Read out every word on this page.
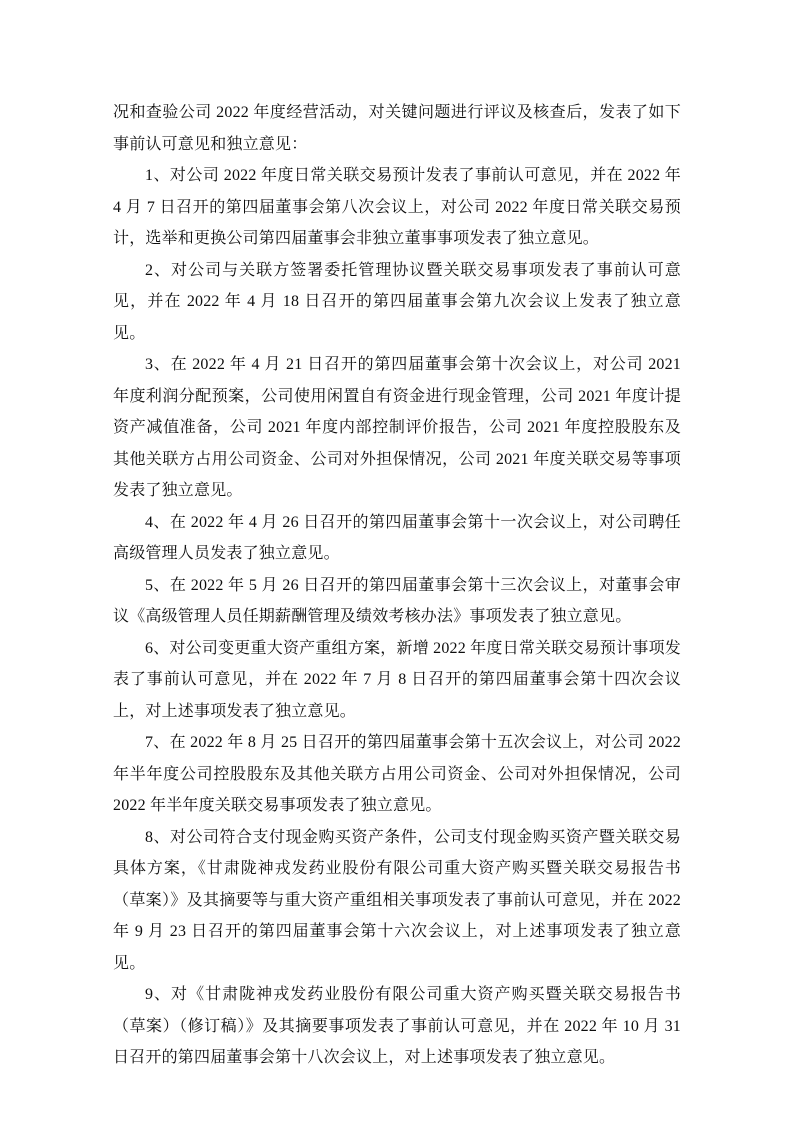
况和查验公司 2022 年度经营活动，对关键问题进行评议及核查后，发表了如下事前认可意见和独立意见：

1、对公司 2022 年度日常关联交易预计发表了事前认可意见，并在 2022 年 4 月 7 日召开的第四届董事会第八次会议上，对公司 2022 年度日常关联交易预计，选举和更换公司第四届董事会非独立董事事项发表了独立意见。

2、对公司与关联方签署委托管理协议暨关联交易事项发表了事前认可意见，并在 2022 年 4 月 18 日召开的第四届董事会第九次会议上发表了独立意见。

3、在 2022 年 4 月 21 日召开的第四届董事会第十次会议上，对公司 2021 年度利润分配预案，公司使用闲置自有资金进行现金管理，公司 2021 年度计提资产减值准备，公司 2021 年度内部控制评价报告，公司 2021 年度控股股东及其他关联方占用公司资金、公司对外担保情况，公司 2021 年度关联交易等事项发表了独立意见。

4、在 2022 年 4 月 26 日召开的第四届董事会第十一次会议上，对公司聘任高级管理人员发表了独立意见。

5、在 2022 年 5 月 26 日召开的第四届董事会第十三次会议上，对董事会审议《高级管理人员任期薪酬管理及绩效考核办法》事项发表了独立意见。

6、对公司变更重大资产重组方案，新增 2022 年度日常关联交易预计事项发表了事前认可意见，并在 2022 年 7 月 8 日召开的第四届董事会第十四次会议上，对上述事项发表了独立意见。

7、在 2022 年 8 月 25 日召开的第四届董事会第十五次会议上，对公司 2022 年半年度公司控股股东及其他关联方占用公司资金、公司对外担保情况，公司 2022 年半年度关联交易事项发表了独立意见。

8、对公司符合支付现金购买资产条件，公司支付现金购买资产暨关联交易具体方案，《甘肃陇神戎发药业股份有限公司重大资产购买暨关联交易报告书（草案）》及其摘要等与重大资产重组相关事项发表了事前认可意见，并在 2022 年 9 月 23 日召开的第四届董事会第十六次会议上，对上述事项发表了独立意见。

9、对《甘肃陇神戎发药业股份有限公司重大资产购买暨关联交易报告书（草案）（修订稿）》及其摘要事项发表了事前认可意见，并在 2022 年 10 月 31 日召开的第四届董事会第十八次会议上，对上述事项发表了独立意见。
